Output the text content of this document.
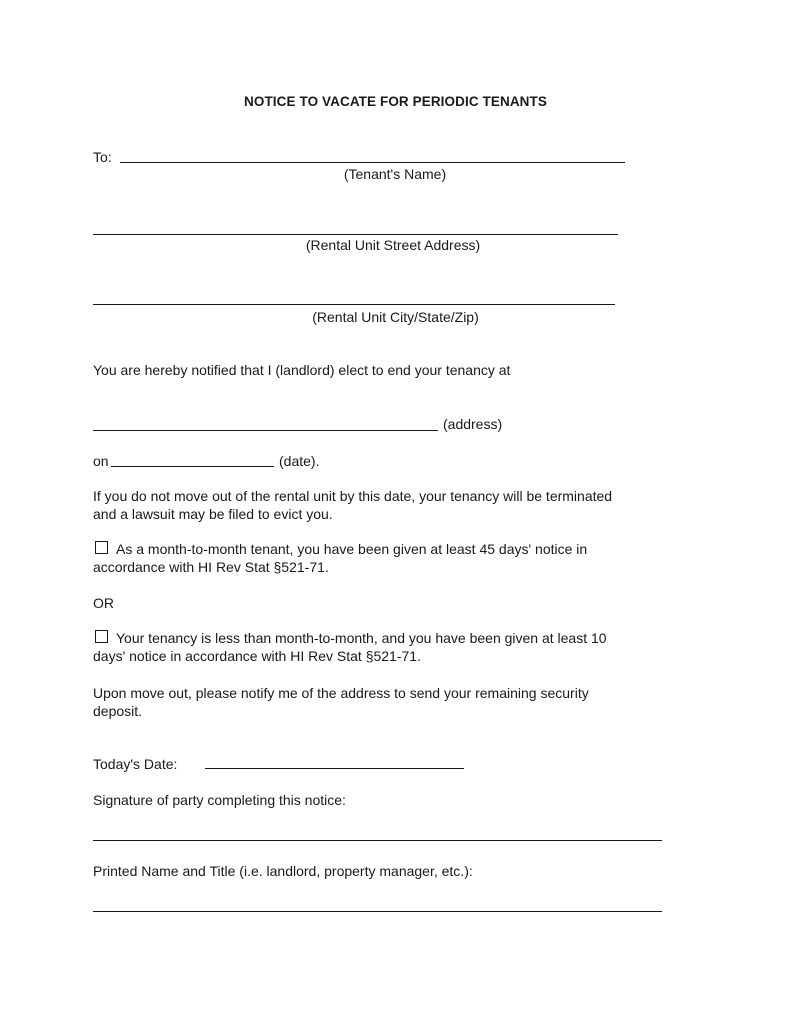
NOTICE TO VACATE FOR PERIODIC TENANTS
To:
(Tenant's Name)
(Rental Unit Street Address)
(Rental Unit City/State/Zip)
You are hereby notified that I (landlord) elect to end your tenancy at
(address)
on	(date).
If you do not move out of the rental unit by this date, your tenancy will be terminated
and a lawsuit may be filed to evict you.
As a month-to-month tenant, you have been given at least 45 days' notice in
accordance with HI Rev Stat §521-71.
OR
Your tenancy is less than month-to-month, and you have been given at least 10
days' notice in accordance with HI Rev Stat §521-71.
Upon move out, please notify me of the address to send your remaining security
deposit.
Today's Date:
Signature of party completing this notice:
Printed Name and Title (i.e. landlord, property manager, etc.):
